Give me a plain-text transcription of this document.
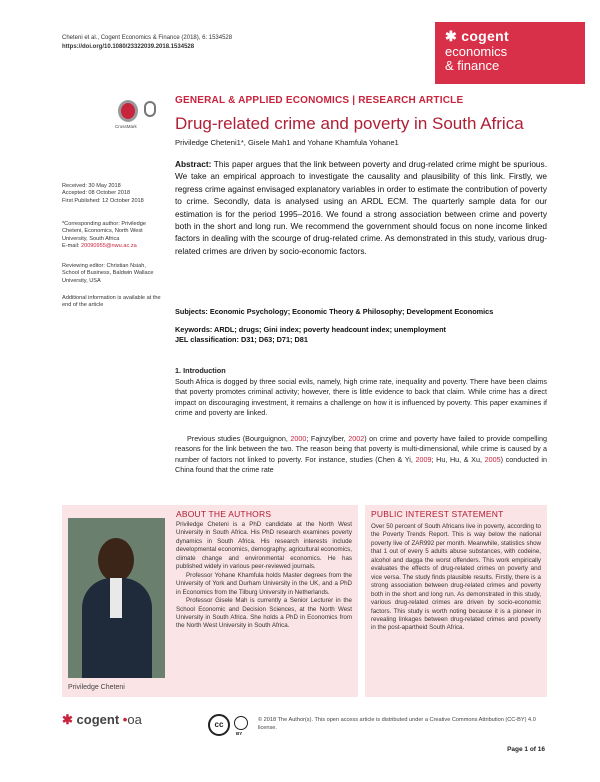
Cheteni et al., Cogent Economics & Finance (2018), 6: 1534528
https://doi.org/10.1080/23322039.2018.1534528
✱ cogent
economics
& finance
CrossMark
Received: 30 May 2018
Accepted: 08 October 2018
First Published: 12 October 2018
*Corresponding author: Priviledge Cheteni, Economics, North West University, South Africa
E-mail: 20090955@nwu.ac.za
Reviewing editor: Christian Nsiah, School of Business, Baldwin Wallace University, USA
Additional information is available at the end of the article
GENERAL & APPLIED ECONOMICS | RESEARCH ARTICLE
Drug-related crime and poverty in South Africa
Priviledge Cheteni1*, Gisele Mah1 and Yohane Khamfula Yohane1
Abstract: This paper argues that the link between poverty and drug-related crime might be spurious. We take an empirical approach to investigate the causality and plausibility of this link. Firstly, we regress crime against envisaged explanatory variables in order to estimate the contribution of poverty to crime. Secondly, data is analysed using an ARDL ECM. The quarterly sample data for our estimation is for the period 1995–2016. We found a strong association between crime and poverty both in the short and long run. We recommend the government should focus on none income linked factors in dealing with the scourge of drug-related crime. As demonstrated in this study, various drug-related crimes are driven by socio-economic factors.
Subjects: Economic Psychology; Economic Theory & Philosophy; Development Economics
Keywords: ARDL; drugs; Gini index; poverty headcount index; unemployment
JEL classification: D31; D63; D71; D81
1. Introduction
South Africa is dogged by three social evils, namely, high crime rate, inequality and poverty. There have been claims that poverty promotes criminal activity; however, there is little evidence to back that claim. While crime has a direct impact on discouraging investment, it remains a challenge on how it is influenced by poverty. This paper examines if crime and poverty are linked.
Previous studies (Bourguignon, 2000; Fajnzylber, 2002) on crime and poverty have failed to provide compelling reasons for the link between the two. The reason being that poverty is multi-dimensional, while crime is caused by a number of factors not linked to poverty. For instance, studies (Chen & Yi, 2009; Hu, Hu, & Xu, 2005) conducted in China found that the crime rate
ABOUT THE AUTHORS
Priviledge Cheteni is a PhD candidate at the North West University in South Africa. His PhD research examines poverty dynamics in South Africa. His research interests include developmental economics, demography, agricultural economics, climate change and environmental economics. He has published widely in various peer-reviewed journals.
Professor Yohane Khamfula holds Master degrees from the University of York and Durham University in the UK, and a PhD in Economics from the Tilburg University in Netherlands.
Professor Gisele Mah is currently a Senior Lecturer in the School Economic and Decision Sciences, at the North West University in South Africa. She holds a PhD in Economics from the North West University in South Africa.
Priviledge Cheteni
PUBLIC INTEREST STATEMENT
Over 50 percent of South Africans live in poverty, according to the Poverty Trends Report. This is way below the national poverty live of ZAR992 per month. Meanwhile, statistics show that 1 out of every 5 adults abuse substances, with codeine, alcohol and dagga the worst offenders. This work empirically evaluates the effects of drug-related crimes on poverty and vice versa. The study finds plausible results. Firstly, there is a strong association between drug-related crimes and poverty both in the short and long run. As demonstrated in this study, various drug-related crimes are driven by socio-economic factors. This study is worth noting because it is a pioneer in revealing linkages between drug-related crimes and poverty in the post-apartheid South Africa.
✱ cogent •oa	cc
BY
© 2018 The Author(s). This open access article is distributed under a Creative Commons Attribution (CC-BY) 4.0 license.
Page 1 of 16
